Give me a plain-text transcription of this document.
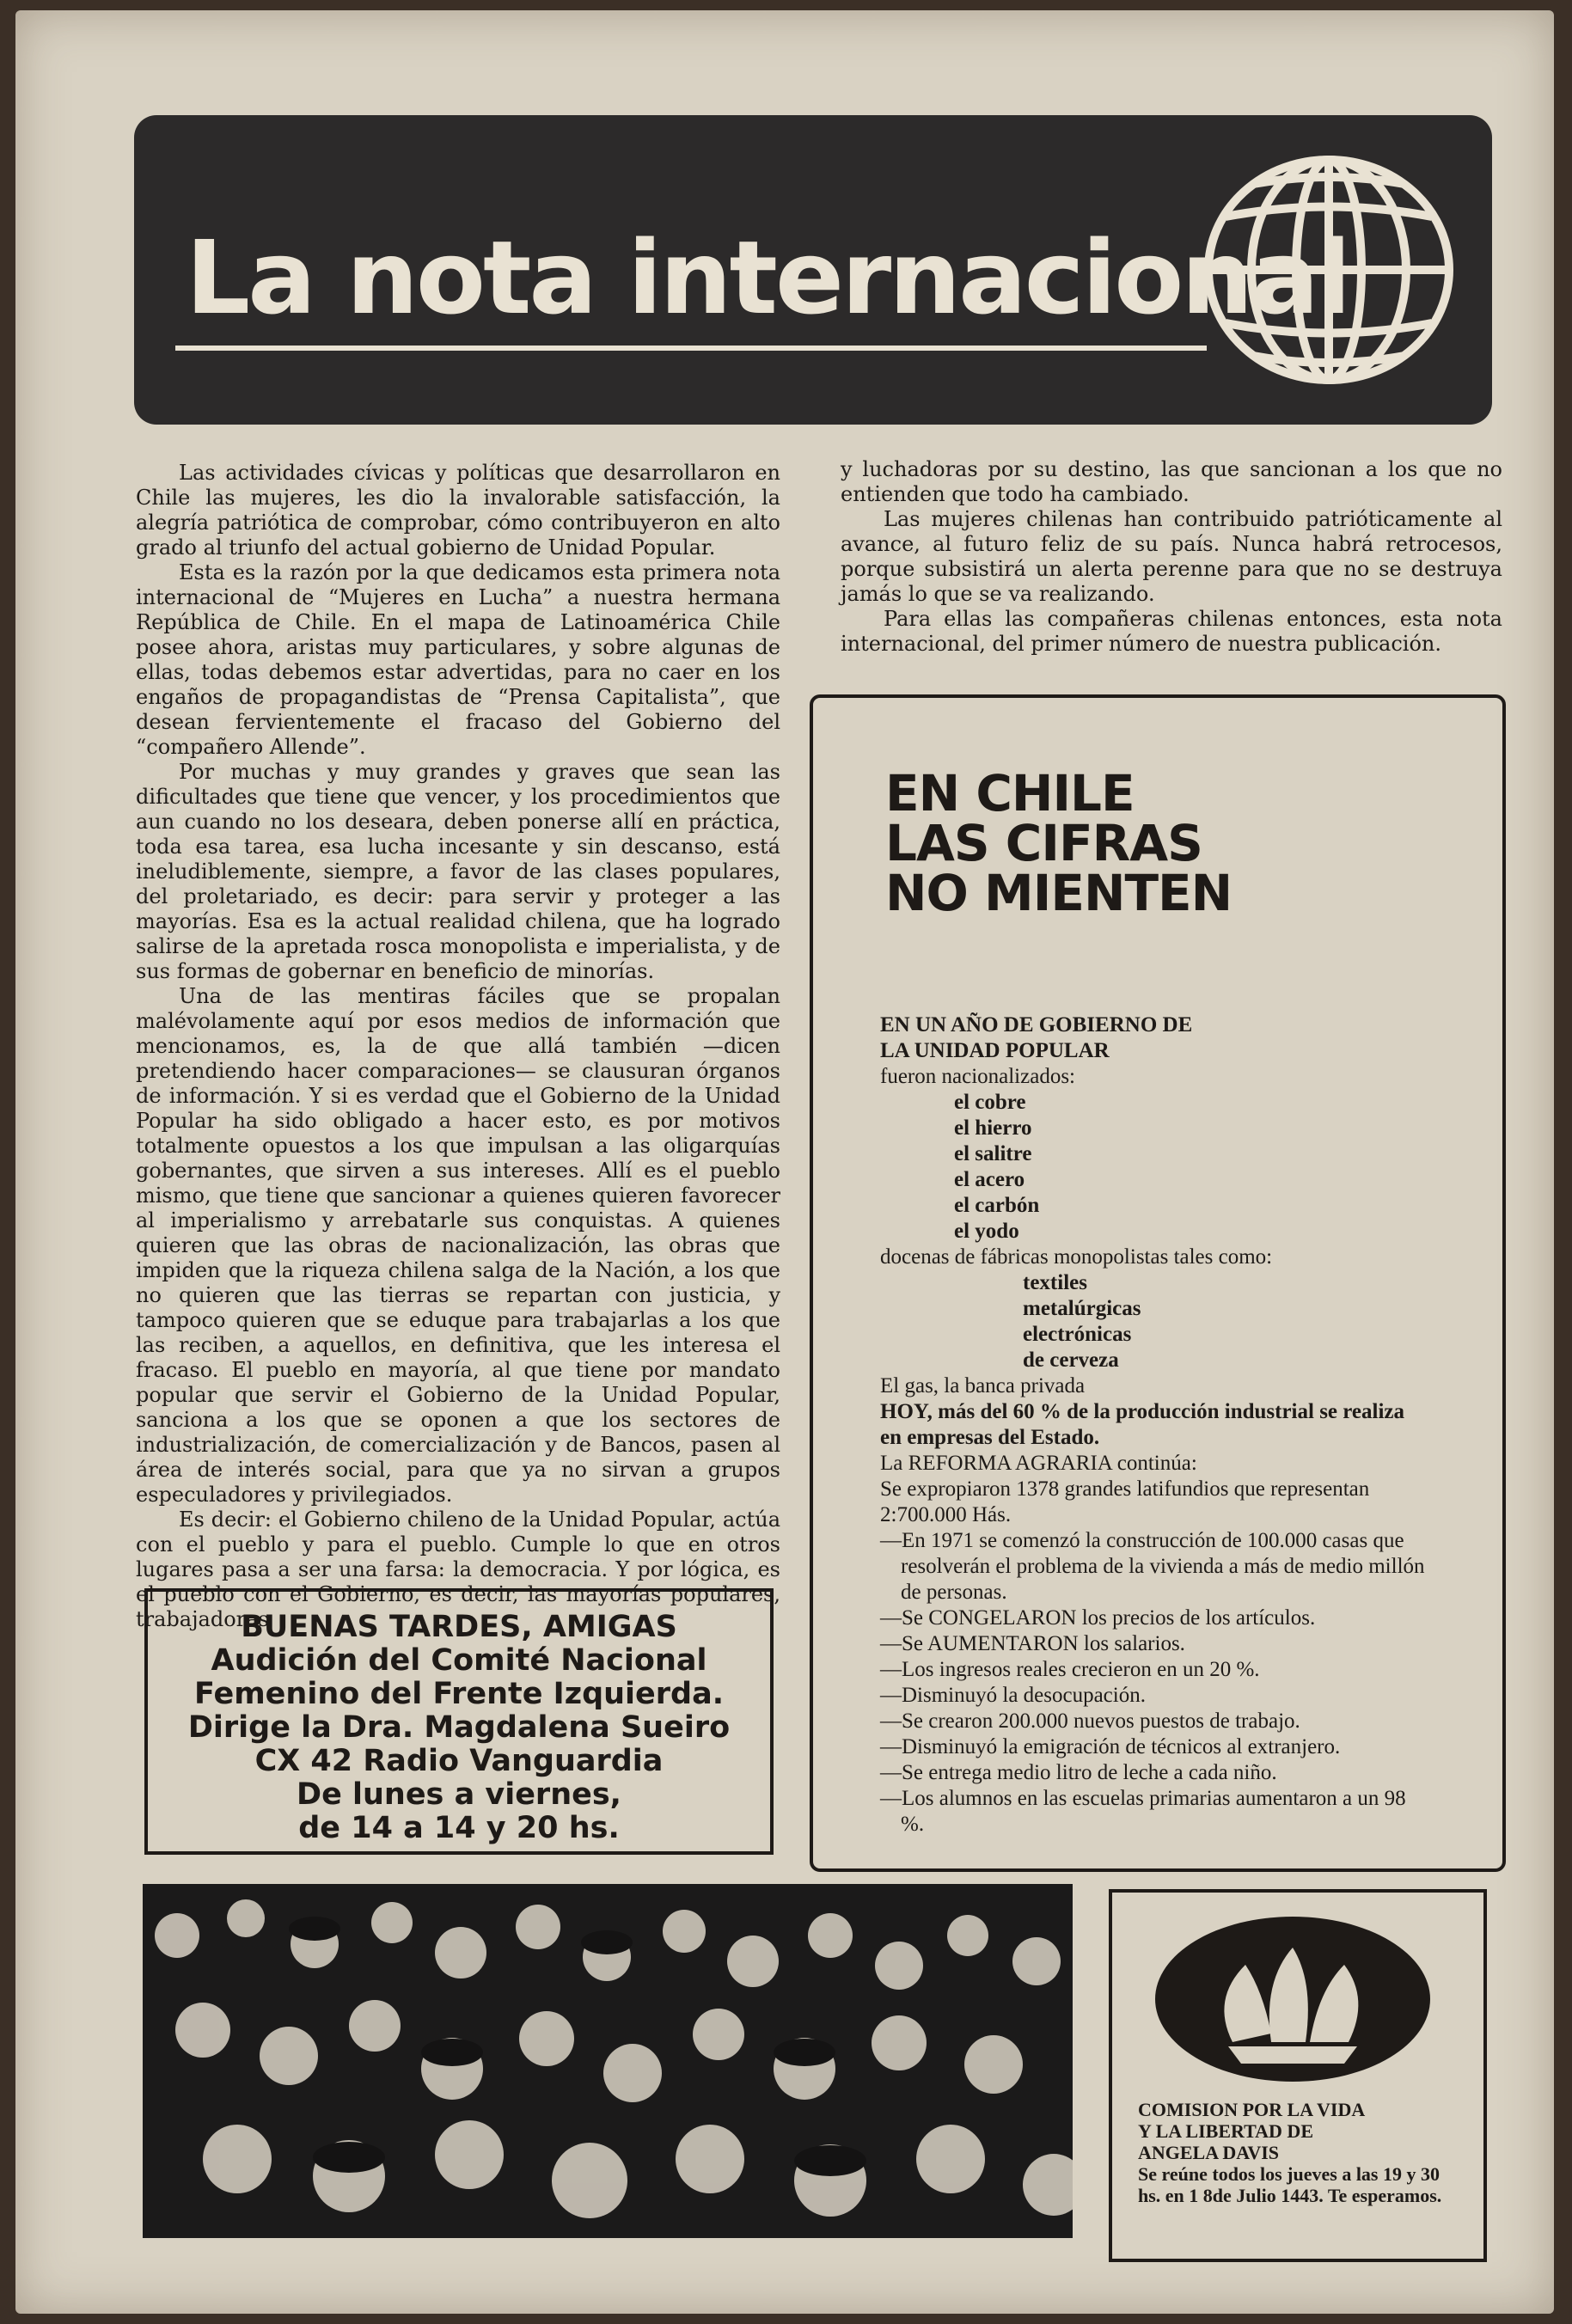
La nota internacional

Las actividades cívicas y políticas que desarrollaron en Chile las mujeres, les dio la invalorable satisfacción, la alegría patriótica de comprobar, cómo contribuyeron en alto grado al triunfo del actual gobierno de Unidad Popular.

Esta es la razón por la que dedicamos esta primera nota internacional de “Mujeres en Lucha” a nuestra hermana República de Chile. En el mapa de Latinoamérica Chile posee ahora, aristas muy particulares, y sobre algunas de ellas, todas debemos estar advertidas, para no caer en los engaños de propagandistas de “Prensa Capitalista”, que desean fervientemente el fracaso del Gobierno del “compañero Allende”.

Por muchas y muy grandes y graves que sean las dificultades que tiene que vencer, y los procedimientos que aun cuando no los deseara, deben ponerse allí en práctica, toda esa tarea, esa lucha incesante y sin descanso, está ineludiblemente, siempre, a favor de las clases populares, del proletariado, es decir: para servir y proteger a las mayorías. Esa es la actual realidad chilena, que ha logrado salirse de la apretada rosca monopolista e imperialista, y de sus formas de gobernar en beneficio de minorías.

Una de las mentiras fáciles que se propalan malévolamente aquí por esos medios de información que mencionamos, es, la de que allá también —dicen pretendiendo hacer comparaciones— se clausuran órganos de información. Y si es verdad que el Gobierno de la Unidad Popular ha sido obligado a hacer esto, es por motivos totalmente opuestos a los que impulsan a las oligarquías gobernantes, que sirven a sus intereses. Allí es el pueblo mismo, que tiene que sancionar a quienes quieren favorecer al imperialismo y arrebatarle sus conquistas. A quienes quieren que las obras de nacionalización, las obras que impiden que la riqueza chilena salga de la Nación, a los que no quieren que las tierras se repartan con justicia, y tampoco quieren que se eduque para trabajarlas a los que las reciben, a aquellos, en definitiva, que les interesa el fracaso. El pueblo en mayoría, al que tiene por mandato popular que servir el Gobierno de la Unidad Popular, sanciona a los que se oponen a que los sectores de industrialización, de comercialización y de Bancos, pasen al área de interés social, para que ya no sirvan a grupos especuladores y privilegiados.

Es decir: el Gobierno chileno de la Unidad Popular, actúa con el pueblo y para el pueblo. Cumple lo que en otros lugares pasa a ser una farsa: la democracia. Y por lógica, es el pueblo con el Gobierno, es decir, las mayorías populares, trabajadoras

y luchadoras por su destino, las que sancionan a los que no entienden que todo ha cambiado.

Las mujeres chilenas han contribuido patrióticamente al avance, al futuro feliz de su país. Nunca habrá retrocesos, porque subsistirá un alerta perenne para que no se destruya jamás lo que se va realizando.

Para ellas las compañeras chilenas entonces, esta nota internacional, del primer número de nuestra publicación.

BUENAS TARDES, AMIGAS
Audición del Comité Nacional
Femenino del Frente Izquierda.
Dirige la Dra. Magdalena Sueiro
CX 42 Radio Vanguardia
De lunes a viernes,
de 14 a 14 y 20 hs.
EN CHILE
LAS CIFRAS
NO MIENTEN
EN UN AÑO DE GOBIERNO DE
LA UNIDAD POPULAR
fueron nacionalizados:
el cobre
el hierro
el salitre
el acero
el carbón
el yodo
docenas de fábricas monopolistas tales como:
textiles
metalúrgicas
electrónicas
de cerveza
El gas, la banca privada
HOY, más del 60 % de la producción industrial se realiza en empresas del Estado.
La REFORMA AGRARIA continúa:
Se expropiaron 1378 grandes latifundios que representan 2:700.000 Hás.
—En 1971 se comenzó la construcción de 100.000 casas que resolverán el problema de la vivienda a más de medio millón de personas.
—Se CONGELARON los precios de los artículos.
—Se AUMENTARON los salarios.
—Los ingresos reales crecieron en un 20 %.
—Disminuyó la desocupación.
—Se crearon 200.000 nuevos puestos de trabajo.
—Disminuyó la emigración de técnicos al extranjero.
—Se entrega medio litro de leche a cada niño.
—Los alumnos en las escuelas primarias aumentaron a un 98 %.
COMISION POR LA VIDA
Y LA LIBERTAD DE
ANGELA DAVIS
Se reúne todos los jueves a las 19 y 30 hs. en 1 8de Julio 1443. Te esperamos.
